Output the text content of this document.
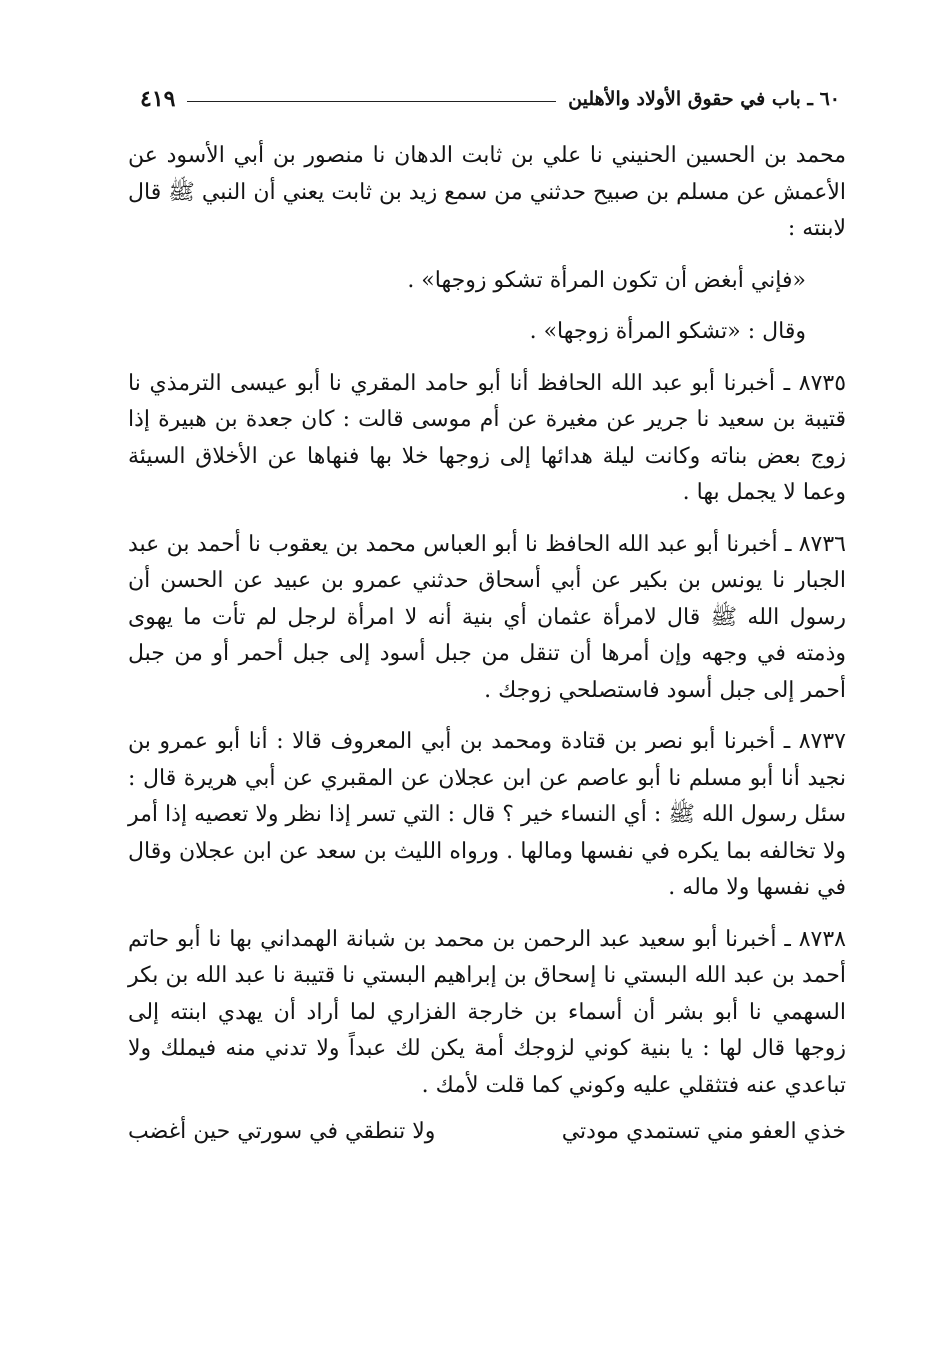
٦٠ ـ باب في حقوق الأولاد والأهلين
٤١٩

محمد بن الحسين الحنيني نا علي بن ثابت الدهان نا منصور بن أبي الأسود عن الأعمش عن مسلم بن صبيح حدثني من سمع زيد بن ثابت يعني أن النبي ﷺ قال لابنته :

«فإني أبغض أن تكون المرأة تشكو زوجها» .

وقال : «تشكو المرأة زوجها» .

٨٧٣٥ ـ أخبرنا أبو عبد الله الحافظ أنا أبو حامد المقري نا أبو عيسى الترمذي نا قتيبة بن سعيد نا جرير عن مغيرة عن أم موسى قالت : كان جعدة بن هبيرة إذا زوج بعض بناته وكانت ليلة هدائها إلى زوجها خلا بها فنهاها عن الأخلاق السيئة وعما لا يجمل بها .

٨٧٣٦ ـ أخبرنا أبو عبد الله الحافظ نا أبو العباس محمد بن يعقوب نا أحمد بن عبد الجبار نا يونس بن بكير عن أبي أسحاق حدثني عمرو بن عبيد عن الحسن أن رسول الله ﷺ قال لامرأة عثمان أي بنية أنه لا امرأة لرجل لم تأت ما يهوى وذمته في وجهه وإن أمرها أن تنقل من جبل أسود إلى جبل أحمر أو من جبل أحمر إلى جبل أسود فاستصلحي زوجك .

٨٧٣٧ ـ أخبرنا أبو نصر بن قتادة ومحمد بن أبي المعروف قالا : أنا أبو عمرو بن نجيد أنا أبو مسلم نا أبو عاصم عن ابن عجلان عن المقبري عن أبي هريرة قال : سئل رسول الله ﷺ : أي النساء خير ؟ قال : التي تسر إذا نظر ولا تعصيه إذا أمر ولا تخالفه بما يكره في نفسها ومالها . ورواه الليث بن سعد عن ابن عجلان وقال في نفسها ولا ماله .

٨٧٣٨ ـ أخبرنا أبو سعيد عبد الرحمن بن محمد بن شبانة الهمداني بها نا أبو حاتم أحمد بن عبد الله البستي نا إسحاق بن إبراهيم البستي نا قتيبة نا عبد الله بن بكر السهمي نا أبو بشر أن أسماء بن خارجة الفزاري لما أراد أن يهدي ابنته إلى زوجها قال لها : يا بنية كوني لزوجك أمة يكن لك عبداً ولا تدني منه فيملك ولا تباعدي عنه فتثقلي عليه وكوني كما قلت لأمك .

خذي العفو مني تستمدي مودتي
ولا تنطقي في سورتي حين أغضب
